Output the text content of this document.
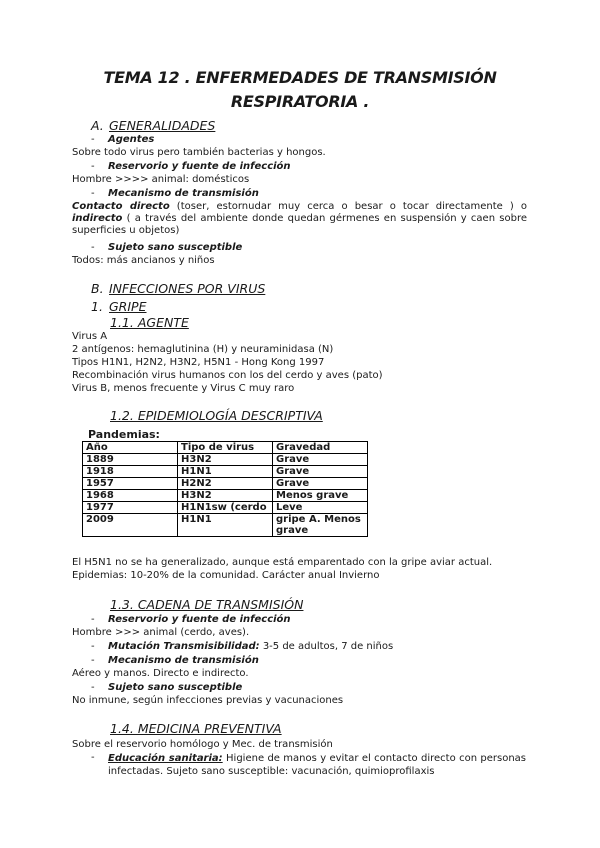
TEMA 12 . ENFERMEDADES DE TRANSMISIÓN
RESPIRATORIA .
A. GENERALIDADES
- Agentes
Sobre todo virus pero también bacterias y hongos.
- Reservorio y fuente de infección
Hombre >>>> animal: domésticos
- Mecanismo de transmisión
Contacto directo (toser, estornudar muy cerca o besar o tocar directamente ) o indirecto ( a través del ambiente donde quedan gérmenes en suspensión y caen sobre superficies u objetos)
- Sujeto sano susceptible
Todos: más ancianos y niños
B. INFECCIONES POR VIRUS
1. GRIPE
1.1. AGENTE
Virus A
2 antígenos: hemaglutinina (H) y neuraminidasa (N)
Tipos H1N1, H2N2, H3N2, H5N1 - Hong Kong 1997
Recombinación virus humanos con los del cerdo y aves (pato)
Virus B, menos frecuente y Virus C muy raro
1.2. EPIDEMIOLOGÍA DESCRIPTIVA
Pandemias:
Año	Tipo de virus	Gravedad
1889	H3N2	Grave
1918	H1N1	Grave
1957	H2N2	Grave
1968	H3N2	Menos grave
1977	H1N1sw (cerdo	Leve
2009	H1N1	gripe A. Menos grave
El H5N1 no se ha generalizado, aunque está emparentado con la gripe aviar actual.
Epidemias: 10-20% de la comunidad. Carácter anual Invierno
1.3. CADENA DE TRANSMISIÓN
- Reservorio y fuente de infección
Hombre >>> animal (cerdo, aves).
- Mutación Transmisibilidad: 3-5 de adultos, 7 de niños
- Mecanismo de transmisión
Aéreo y manos. Directo e indirecto.
- Sujeto sano susceptible
No inmune, según infecciones previas y vacunaciones
1.4. MEDICINA PREVENTIVA
Sobre el reservorio homólogo y Mec. de transmisión
- Educación sanitaria: Higiene de manos y evitar el contacto directo con personas infectadas. Sujeto sano susceptible: vacunación, quimioprofilaxis
